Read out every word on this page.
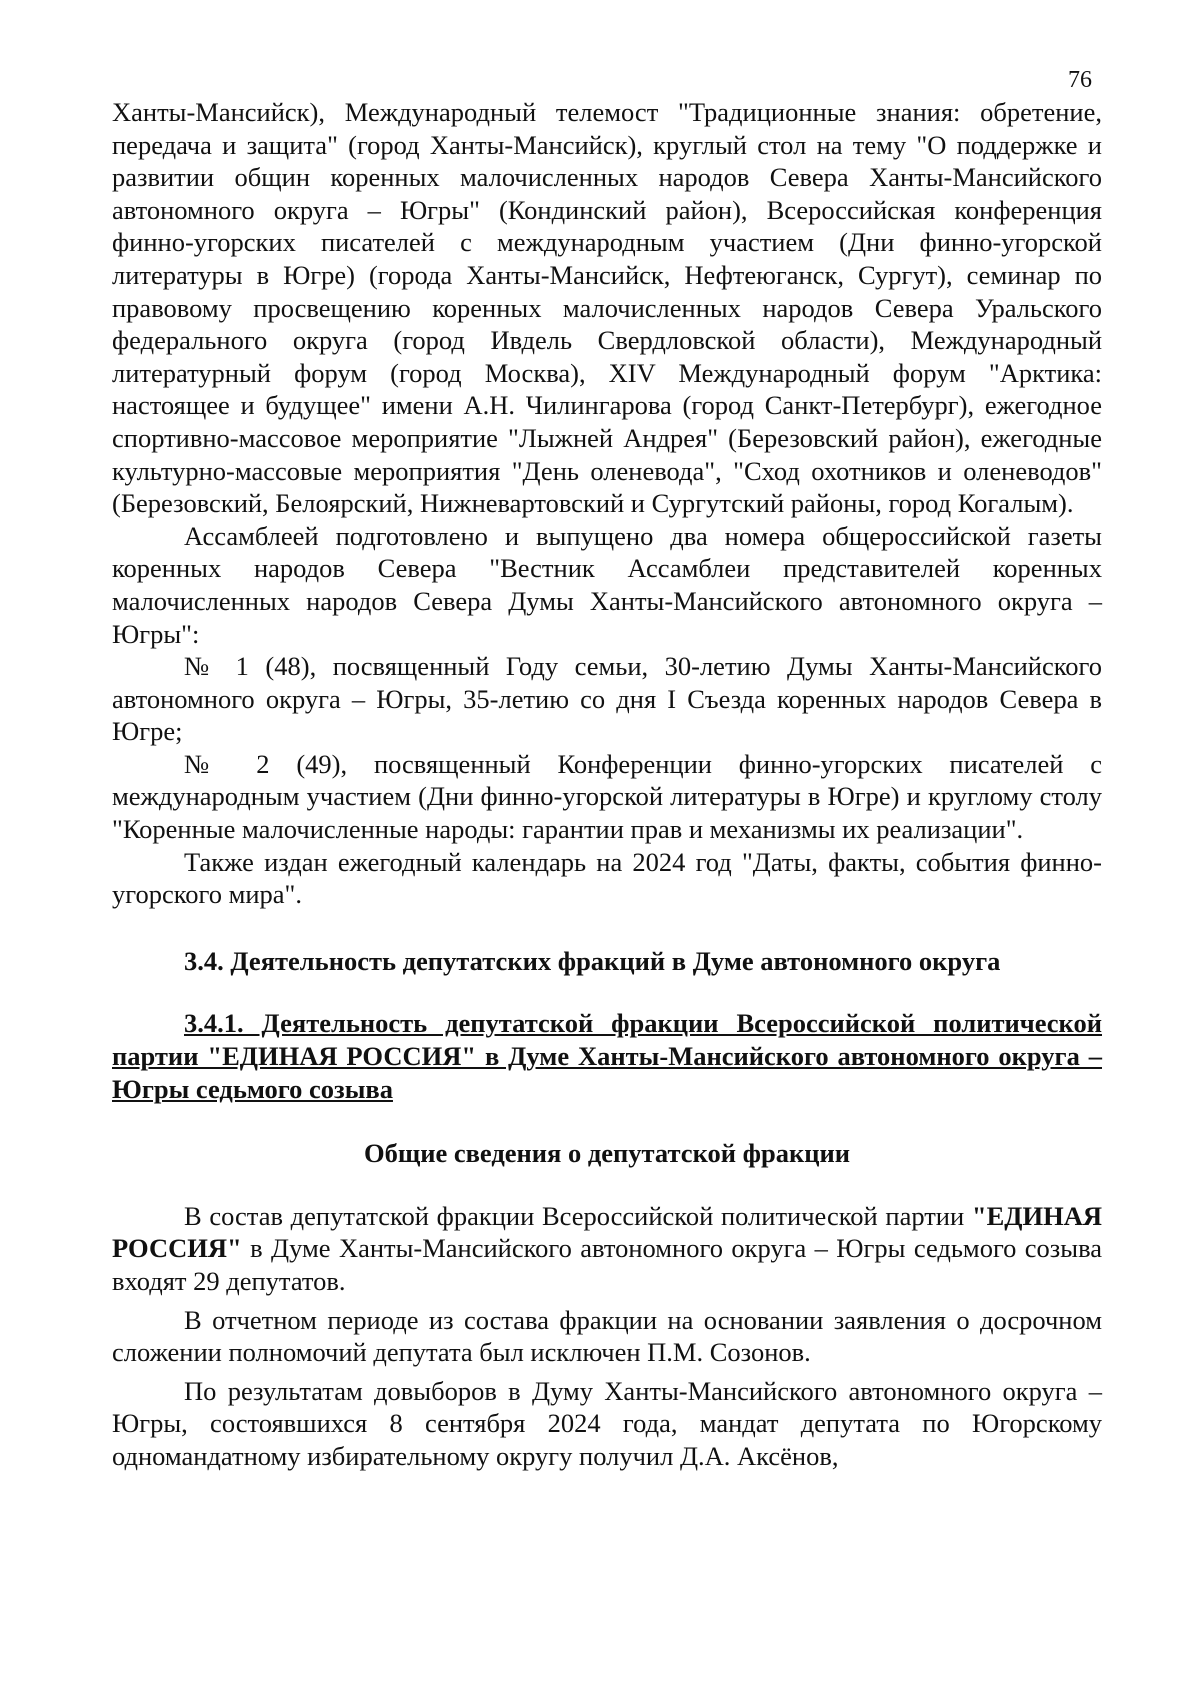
76

Ханты-Мансийск), Международный телемост "Традиционные знания: обретение, передача и защита" (город Ханты-Мансийск), круглый стол на тему "О поддержке и развитии общин коренных малочисленных народов Севера Ханты-Мансийского автономного округа – Югры" (Кондинский район), Всероссийская конференция финно-угорских писателей с международным участием (Дни финно-угорской литературы в Югре) (города Ханты-Мансийск, Нефтеюганск, Сургут), семинар по правовому просвещению коренных малочисленных народов Севера Уральского федерального округа (город Ивдель Свердловской области), Международный литературный форум (город Москва), XIV Международный форум "Арктика: настоящее и будущее" имени А.Н. Чилингарова (город Санкт-Петербург), ежегодное спортивно-массовое мероприятие "Лыжней Андрея" (Березовский район), ежегодные культурно-массовые мероприятия "День оленевода", "Сход охотников и оленеводов" (Березовский, Белоярский, Нижневартовский и Сургутский районы, город Когалым).

Ассамблеей подготовлено и выпущено два номера общероссийской газеты коренных народов Севера "Вестник Ассамблеи представителей коренных малочисленных народов Севера Думы Ханты-Мансийского автономного округа – Югры":

№ 1 (48), посвященный Году семьи, 30-летию Думы Ханты-Мансийского автономного округа – Югры, 35-летию со дня I Съезда коренных народов Севера в Югре;

№ 2 (49), посвященный Конференции финно-угорских писателей с международным участием (Дни финно-угорской литературы в Югре) и круглому столу "Коренные малочисленные народы: гарантии прав и механизмы их реализации".

Также издан ежегодный календарь на 2024 год "Даты, факты, события финно-угорского мира".

3.4. Деятельность депутатских фракций в Думе автономного округа

3.4.1. Деятельность депутатской фракции Всероссийской политической партии "ЕДИНАЯ РОССИЯ" в Думе Ханты-Мансийского автономного округа – Югры седьмого созыва

Общие сведения о депутатской фракции

В состав депутатской фракции Всероссийской политической партии "ЕДИНАЯ РОССИЯ" в Думе Ханты-Мансийского автономного округа – Югры седьмого созыва входят 29 депутатов.

В отчетном периоде из состава фракции на основании заявления о досрочном сложении полномочий депутата был исключен П.М. Созонов.

По результатам довыборов в Думу Ханты-Мансийского автономного округа – Югры, состоявшихся 8 сентября 2024 года, мандат депутата по Югорскому одномандатному избирательному округу получил Д.А. Аксёнов,
